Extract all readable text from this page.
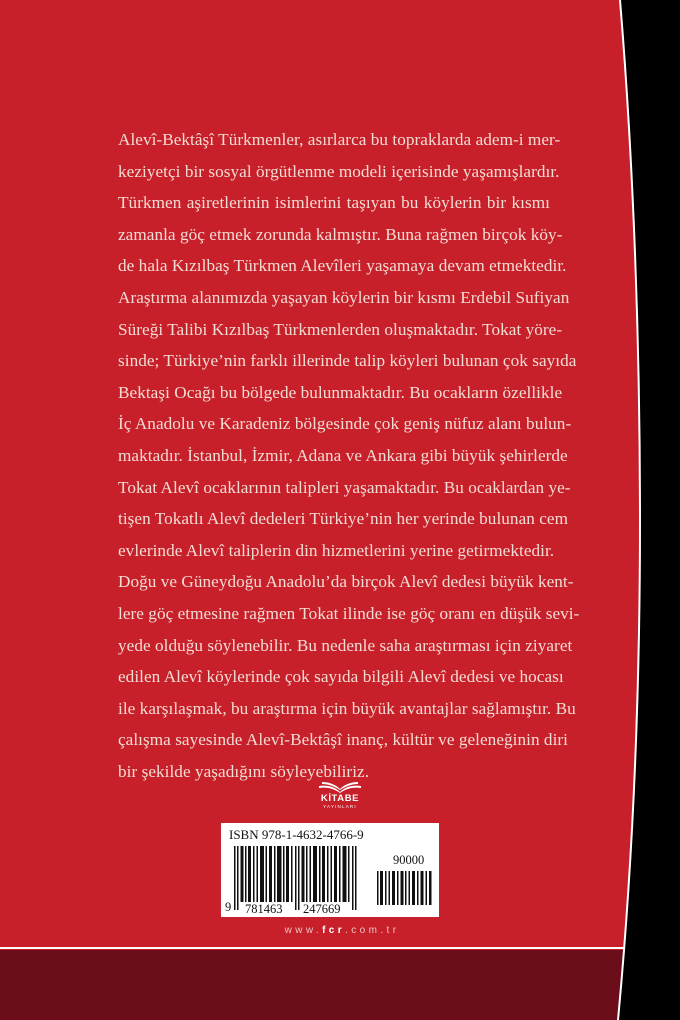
Alevî-Bektâşî Türkmenler, asırlarca bu topraklarda adem-i mer-
keziyetçi bir sosyal örgütlenme modeli içerisinde yaşamışlardır.
Türkmen aşiretlerinin isimlerini taşıyan bu köylerin bir kısmı
zamanla göç etmek zorunda kalmıştır. Buna rağmen birçok köy-
de hala Kızılbaş Türkmen Alevîleri yaşamaya devam etmektedir.
Araştırma alanımızda yaşayan köylerin bir kısmı Erdebil Sufiyan
Süreği Talibi Kızılbaş Türkmenlerden oluşmaktadır. Tokat yöre-
sinde; Türkiye’nin farklı illerinde talip köyleri bulunan çok sayıda
Bektaşi Ocağı bu bölgede bulunmaktadır. Bu ocakların özellikle
İç Anadolu ve Karadeniz bölgesinde çok geniş nüfuz alanı bulun-
maktadır. İstanbul, İzmir, Adana ve Ankara gibi büyük şehirlerde
Tokat Alevî ocaklarının talipleri yaşamaktadır. Bu ocaklardan ye-
tişen Tokatlı Alevî dedeleri Türkiye’nin her yerinde bulunan cem
evlerinde Alevî taliplerin din hizmetlerini yerine getirmektedir.
Doğu ve Güneydoğu Anadolu’da birçok Alevî dedesi büyük kent-
lere göç etmesine rağmen Tokat ilinde ise göç oranı en düşük sevi-
yede olduğu söylenebilir. Bu nedenle saha araştırması için ziyaret
edilen Alevî köylerinde çok sayıda bilgili Alevî dedesi ve hocası
ile karşılaşmak, bu araştırma için büyük avantajlar sağlamıştır. Bu
çalışma sayesinde Alevî-Bektâşî inanç, kültür ve geleneğinin diri
bir şekilde yaşadığını söyleyebiliriz.
KİTABE
YAYINLARI
ISBN 978-1-4632-4766-9
9 781463 247669
90000
www.fcr.com.tr
